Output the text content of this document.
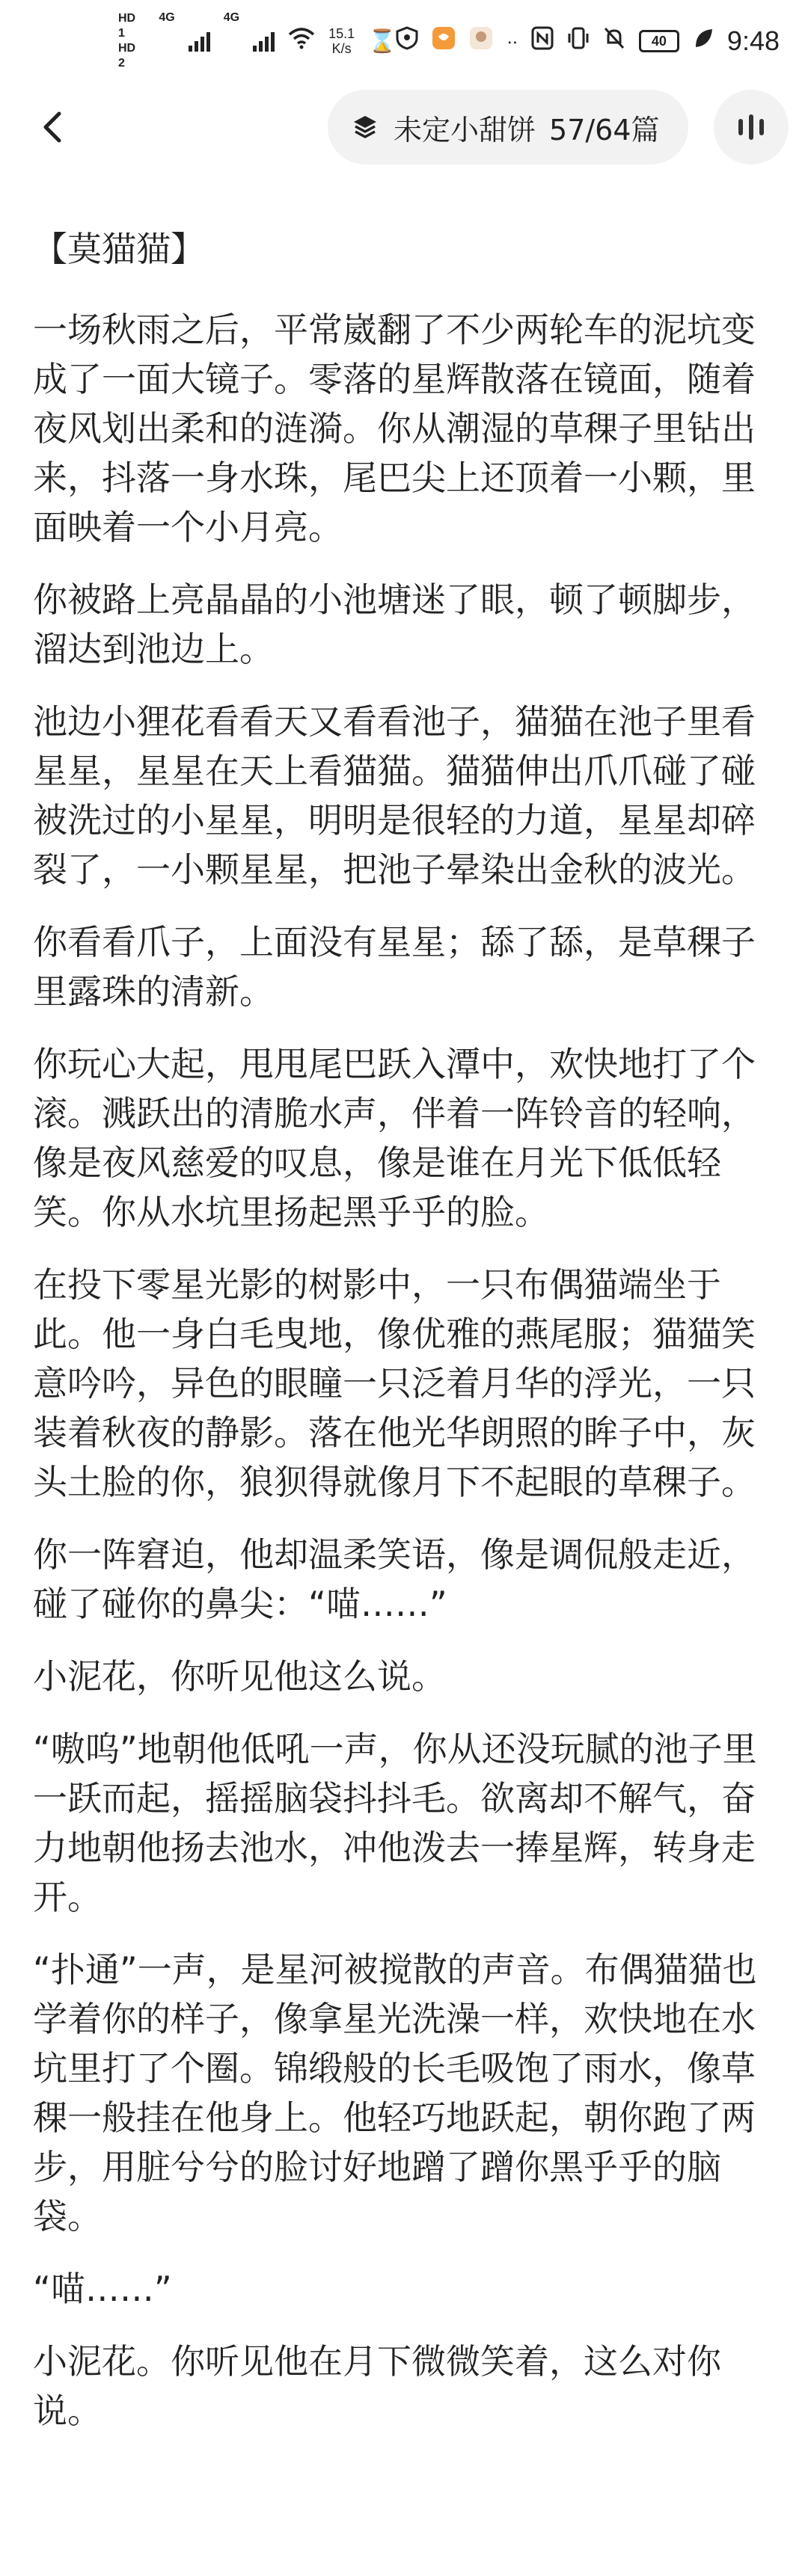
HD 1
HD 2
4G	4G
15.1
K/s ⌛	∙∙	40 9:48
未定小甜饼 57/64篇

【莫猫猫】

一场秋雨之后，平常崴翻了不少两轮车的泥坑变成了一面大镜子。零落的星辉散落在镜面，随着夜风划出柔和的涟漪。你从潮湿的草稞子里钻出来，抖落一身水珠，尾巴尖上还顶着一小颗，里面映着一个小月亮。

你被路上亮晶晶的小池塘迷了眼，顿了顿脚步，溜达到池边上。

池边小狸花看看天又看看池子，猫猫在池子里看星星，星星在天上看猫猫。猫猫伸出爪爪碰了碰被洗过的小星星，明明是很轻的力道，星星却碎裂了，一小颗星星，把池子晕染出金秋的波光。

你看看爪子，上面没有星星；舔了舔，是草稞子里露珠的清新。

你玩心大起，甩甩尾巴跃入潭中，欢快地打了个滚。溅跃出的清脆水声，伴着一阵铃音的轻响，像是夜风慈爱的叹息，像是谁在月光下低低轻笑。你从水坑里扬起黑乎乎的脸。

在投下零星光影的树影中，一只布偶猫端坐于此。他一身白毛曳地，像优雅的燕尾服；猫猫笑意吟吟，异色的眼瞳一只泛着月华的浮光，一只装着秋夜的静影。落在他光华朗照的眸子中，灰头土脸的你，狼狈得就像月下不起眼的草稞子。

你一阵窘迫，他却温柔笑语，像是调侃般走近，碰了碰你的鼻尖：“喵……”

小泥花，你听见他这么说。

“嗷呜”地朝他低吼一声，你从还没玩腻的池子里一跃而起，摇摇脑袋抖抖毛。欲离却不解气，奋力地朝他扬去池水，冲他泼去一捧星辉，转身走开。

“扑通”一声，是星河被搅散的声音。布偶猫猫也学着你的样子，像拿星光洗澡一样，欢快地在水坑里打了个圈。锦缎般的长毛吸饱了雨水，像草稞一般挂在他身上。他轻巧地跃起，朝你跑了两步，用脏兮兮的脸讨好地蹭了蹭你黑乎乎的脑袋。

“喵……”

小泥花。你听见他在月下微微笑着，这么对你说。
